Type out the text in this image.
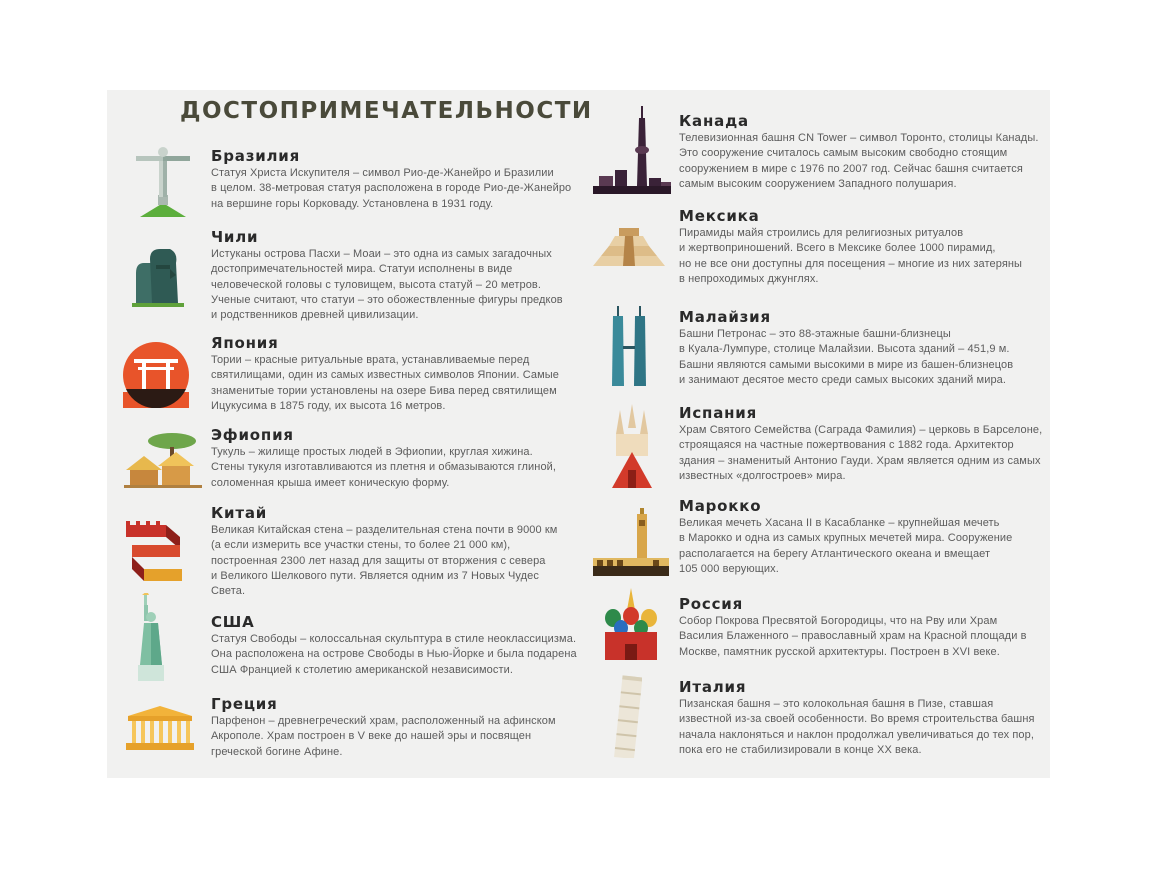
ДОСТОПРИМЕЧАТЕЛЬНОСТИ
Бразилия

Статуя Христа Искупителя – символ Рио-де-Жанейро и Бразилии

в целом. 38-метровая статуя расположена в городе Рио-де-Жанейро

на вершине горы Корковаду. Установлена в 1931 году.

Чили

Истуканы острова Пасхи – Моаи – это одна из самых загадочных

достопримечательностей мира. Статуи исполнены в виде

человеческой головы с туловищем, высота статуй – 20 метров.

Ученые считают, что статуи – это обожествленные фигуры предков

и родственников древней цивилизации.

Япония

Тории – красные ритуальные врата, устанавливаемые перед

святилищами, один из самых известных символов Японии. Самые

знаменитые тории установлены на озере Бива перед святилищем

Ицукусима в 1875 году, их высота 16 метров.

Эфиопия

Тукуль – жилище простых людей в Эфиопии, круглая хижина.

Стены тукуля изготавливаются из плетня и обмазываются глиной,

соломенная крыша имеет коническую форму.

Китай

Великая Китайская стена – разделительная стена почти в 9000 км

(а если измерить все участки стены, то более 21 000 км),

построенная 2300 лет назад для защиты от вторжения с севера

и Великого Шелкового пути. Является одним из 7 Новых Чудес

Света.

США

Статуя Свободы – колоссальная скульптура в стиле неоклассицизма.

Она расположена на острове Свободы в Нью-Йорке и была подарена

США Францией к столетию американской независимости.

Греция

Парфенон – древнегреческий храм, расположенный на афинском

Акрополе. Храм построен в V веке до нашей эры и посвящен

греческой богине Афине.

Канада

Телевизионная башня CN Tower – символ Торонто, столицы Канады.

Это сооружение считалось самым высоким свободно стоящим

сооружением в мире с 1976 по 2007 год. Сейчас башня считается

самым высоким сооружением Западного полушария.

Мексика

Пирамиды майя строились для религиозных ритуалов

и жертвоприношений. Всего в Мексике более 1000 пирамид,

но не все они доступны для посещения – многие из них затеряны

в непроходимых джунглях.

Малайзия

Башни Петронас – это 88-этажные башни-близнецы

в Куала-Лумпуре, столице Малайзии. Высота зданий – 451,9 м.

Башни являются самыми высокими в мире из башен-близнецов

и занимают десятое место среди самых высоких зданий мира.

Испания

Храм Святого Семейства (Саграда Фамилия) – церковь в Барселоне,

строящаяся на частные пожертвования с 1882 года. Архитектор

здания – знаменитый Антонио Гауди. Храм является одним из самых

известных «долгостроев» мира.

Марокко

Великая мечеть Хасана II в Касабланке – крупнейшая мечеть

в Марокко и одна из самых крупных мечетей мира. Сооружение

располагается на берегу Атлантического океана и вмещает

105 000 верующих.

Россия

Собор Покрова Пресвятой Богородицы, что на Рву или Храм

Василия Блаженного – православный храм на Красной площади в

Москве, памятник русской архитектуры. Построен в XVI веке.

Италия

Пизанская башня – это колокольная башня в Пизе, ставшая

известной из-за своей особенности. Во время строительства башня

начала наклоняться и наклон продолжал увеличиваться до тех пор,

пока его не стабилизировали в конце XX века.
